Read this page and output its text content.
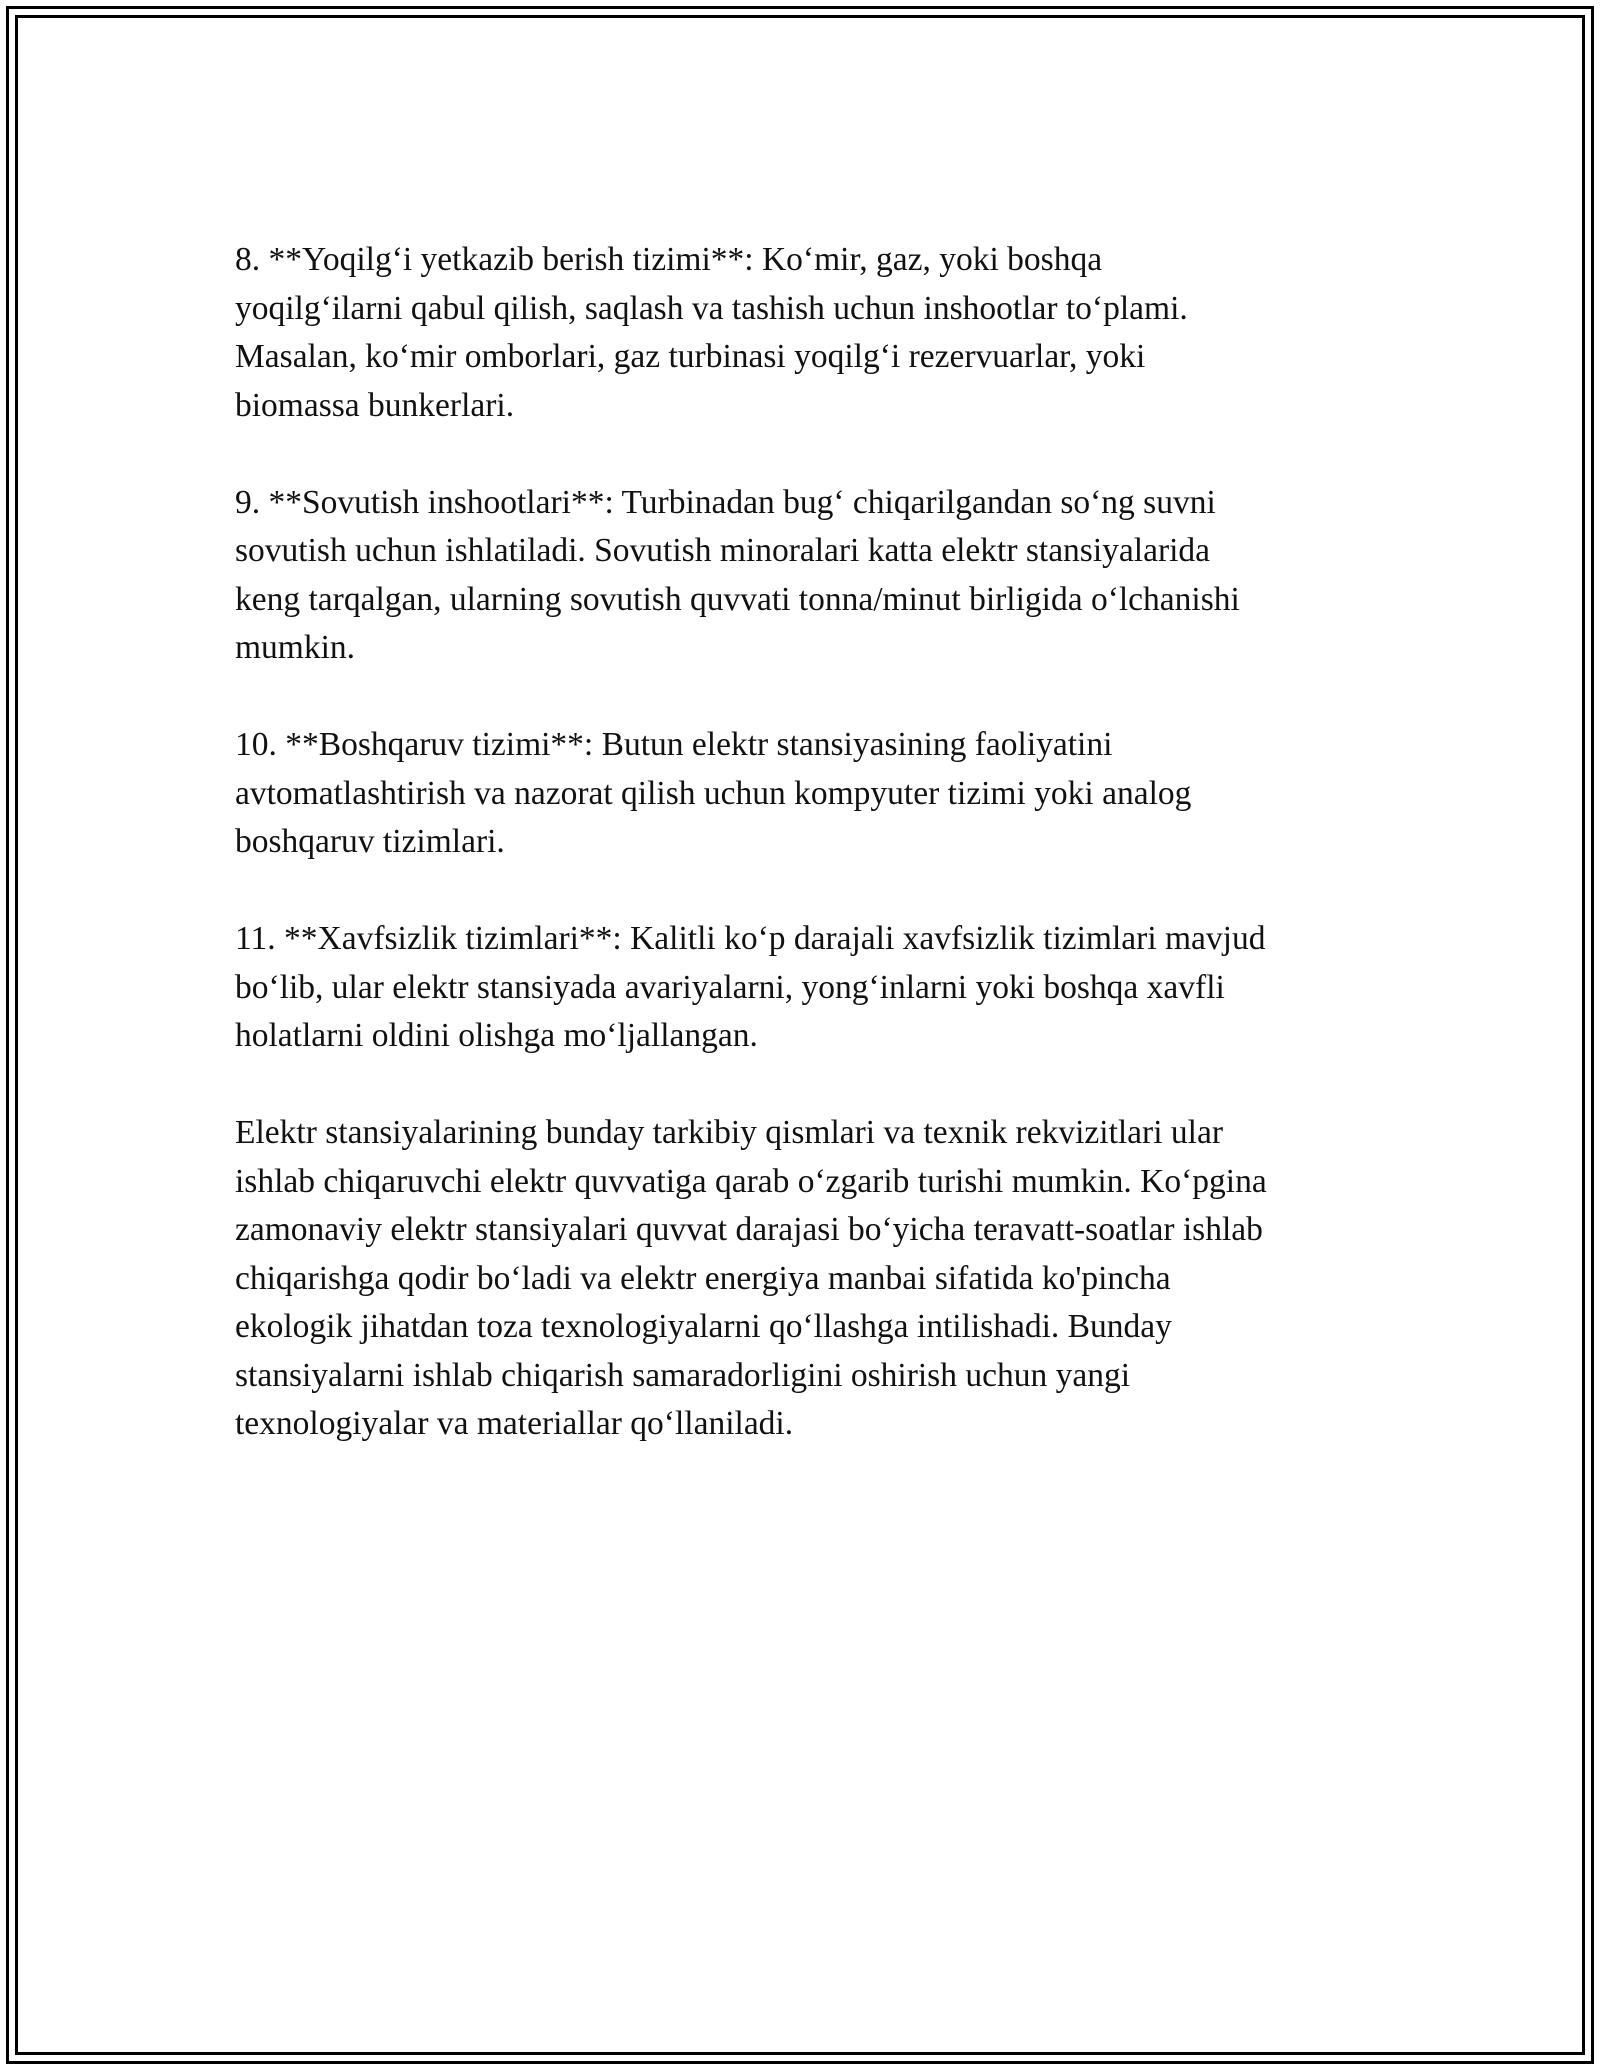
8. **Yoqilg‘i yetkazib berish tizimi**: Ko‘mir, gaz, yoki boshqa
yoqilg‘ilarni qabul qilish, saqlash va tashish uchun inshootlar to‘plami.
Masalan, ko‘mir omborlari, gaz turbinasi yoqilg‘i rezervuarlar, yoki
biomassa bunkerlari.

9. **Sovutish inshootlari**: Turbinadan bug‘ chiqarilgandan so‘ng suvni
sovutish uchun ishlatiladi. Sovutish minoralari katta elektr stansiyalarida
keng tarqalgan, ularning sovutish quvvati tonna/minut birligida o‘lchanishi
mumkin.

10. **Boshqaruv tizimi**: Butun elektr stansiyasining faoliyatini
avtomatlashtirish va nazorat qilish uchun kompyuter tizimi yoki analog
boshqaruv tizimlari.

11. **Xavfsizlik tizimlari**: Kalitli ko‘p darajali xavfsizlik tizimlari mavjud
bo‘lib, ular elektr stansiyada avariyalarni, yong‘inlarni yoki boshqa xavfli
holatlarni oldini olishga mo‘ljallangan.

Elektr stansiyalarining bunday tarkibiy qismlari va texnik rekvizitlari ular
ishlab chiqaruvchi elektr quvvatiga qarab o‘zgarib turishi mumkin. Ko‘pgina
zamonaviy elektr stansiyalari quvvat darajasi bo‘yicha teravatt-soatlar ishlab
chiqarishga qodir bo‘ladi va elektr energiya manbai sifatida ko'pincha
ekologik jihatdan toza texnologiyalarni qo‘llashga intilishadi. Bunday
stansiyalarni ishlab chiqarish samaradorligini oshirish uchun yangi
texnologiyalar va materiallar qo‘llaniladi.
